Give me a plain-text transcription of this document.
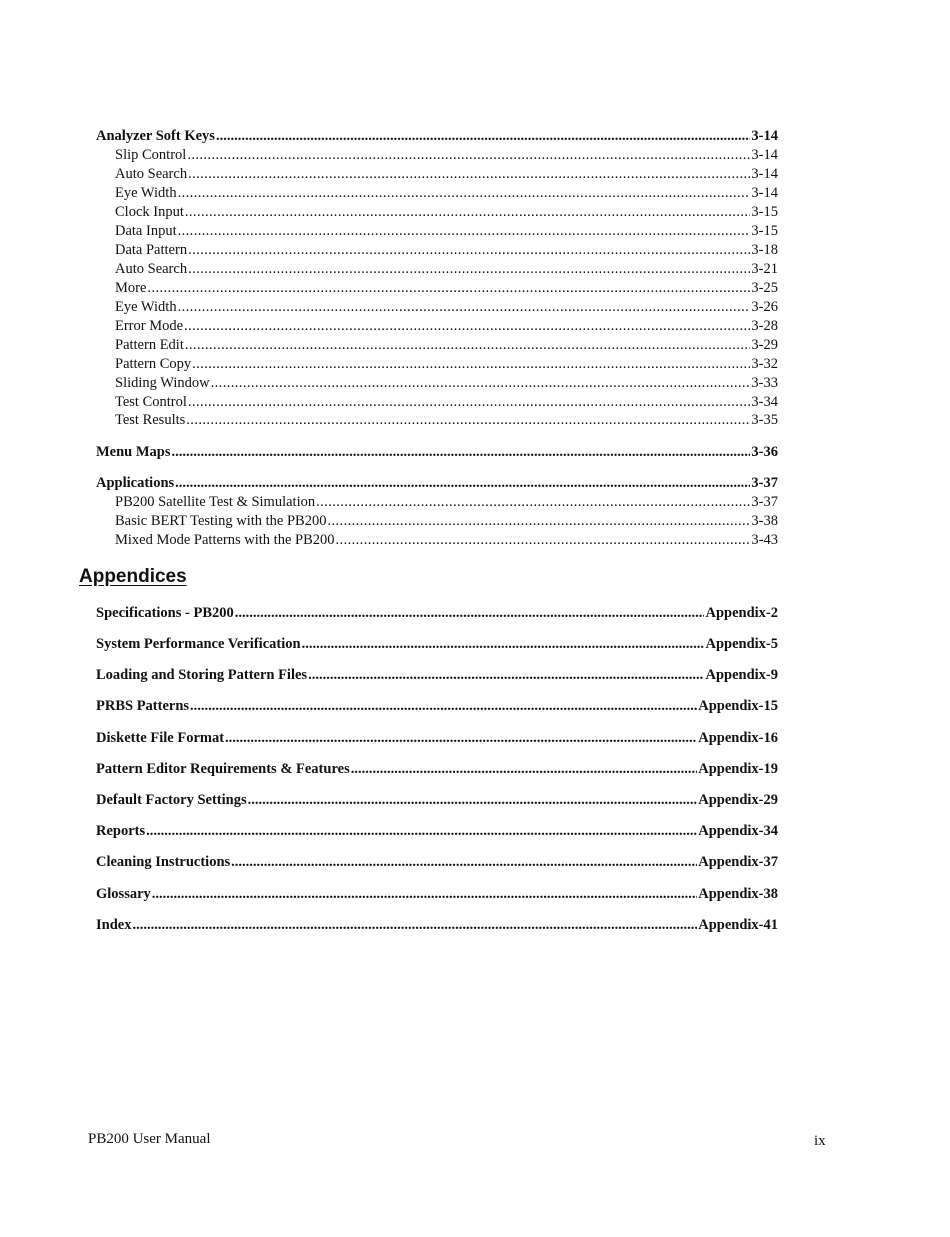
Analyzer Soft Keys .....	3-14
Slip Control .....	3-14
Auto Search .....	3-14
Eye Width .....	3-14
Clock Input .....	3-15
Data Input .....	3-15
Data Pattern .....	3-18
Auto Search .....	3-21
More .....	3-25
Eye Width .....	3-26
Error Mode .....	3-28
Pattern Edit .....	3-29
Pattern Copy .....	3-32
Sliding Window .....	3-33
Test Control .....	3-34
Test Results .....	3-35
Menu Maps .....	3-36
Applications .....	3-37
PB200 Satellite Test & Simulation .....	3-37
Basic BERT Testing with the PB200 .....	3-38
Mixed Mode Patterns with the PB200 .....	3-43
Appendices
Specifications - PB200 .....	Appendix-2
System Performance Verification .....	Appendix-5
Loading and Storing Pattern Files .....	Appendix-9
PRBS Patterns .....	Appendix-15
Diskette File Format .....	Appendix-16
Pattern Editor Requirements & Features .....	Appendix-19
Default Factory Settings .....	Appendix-29
Reports .....	Appendix-34
Cleaning Instructions .....	Appendix-37
Glossary .....	Appendix-38
Index .....	Appendix-41
PB200 User Manual	ix
